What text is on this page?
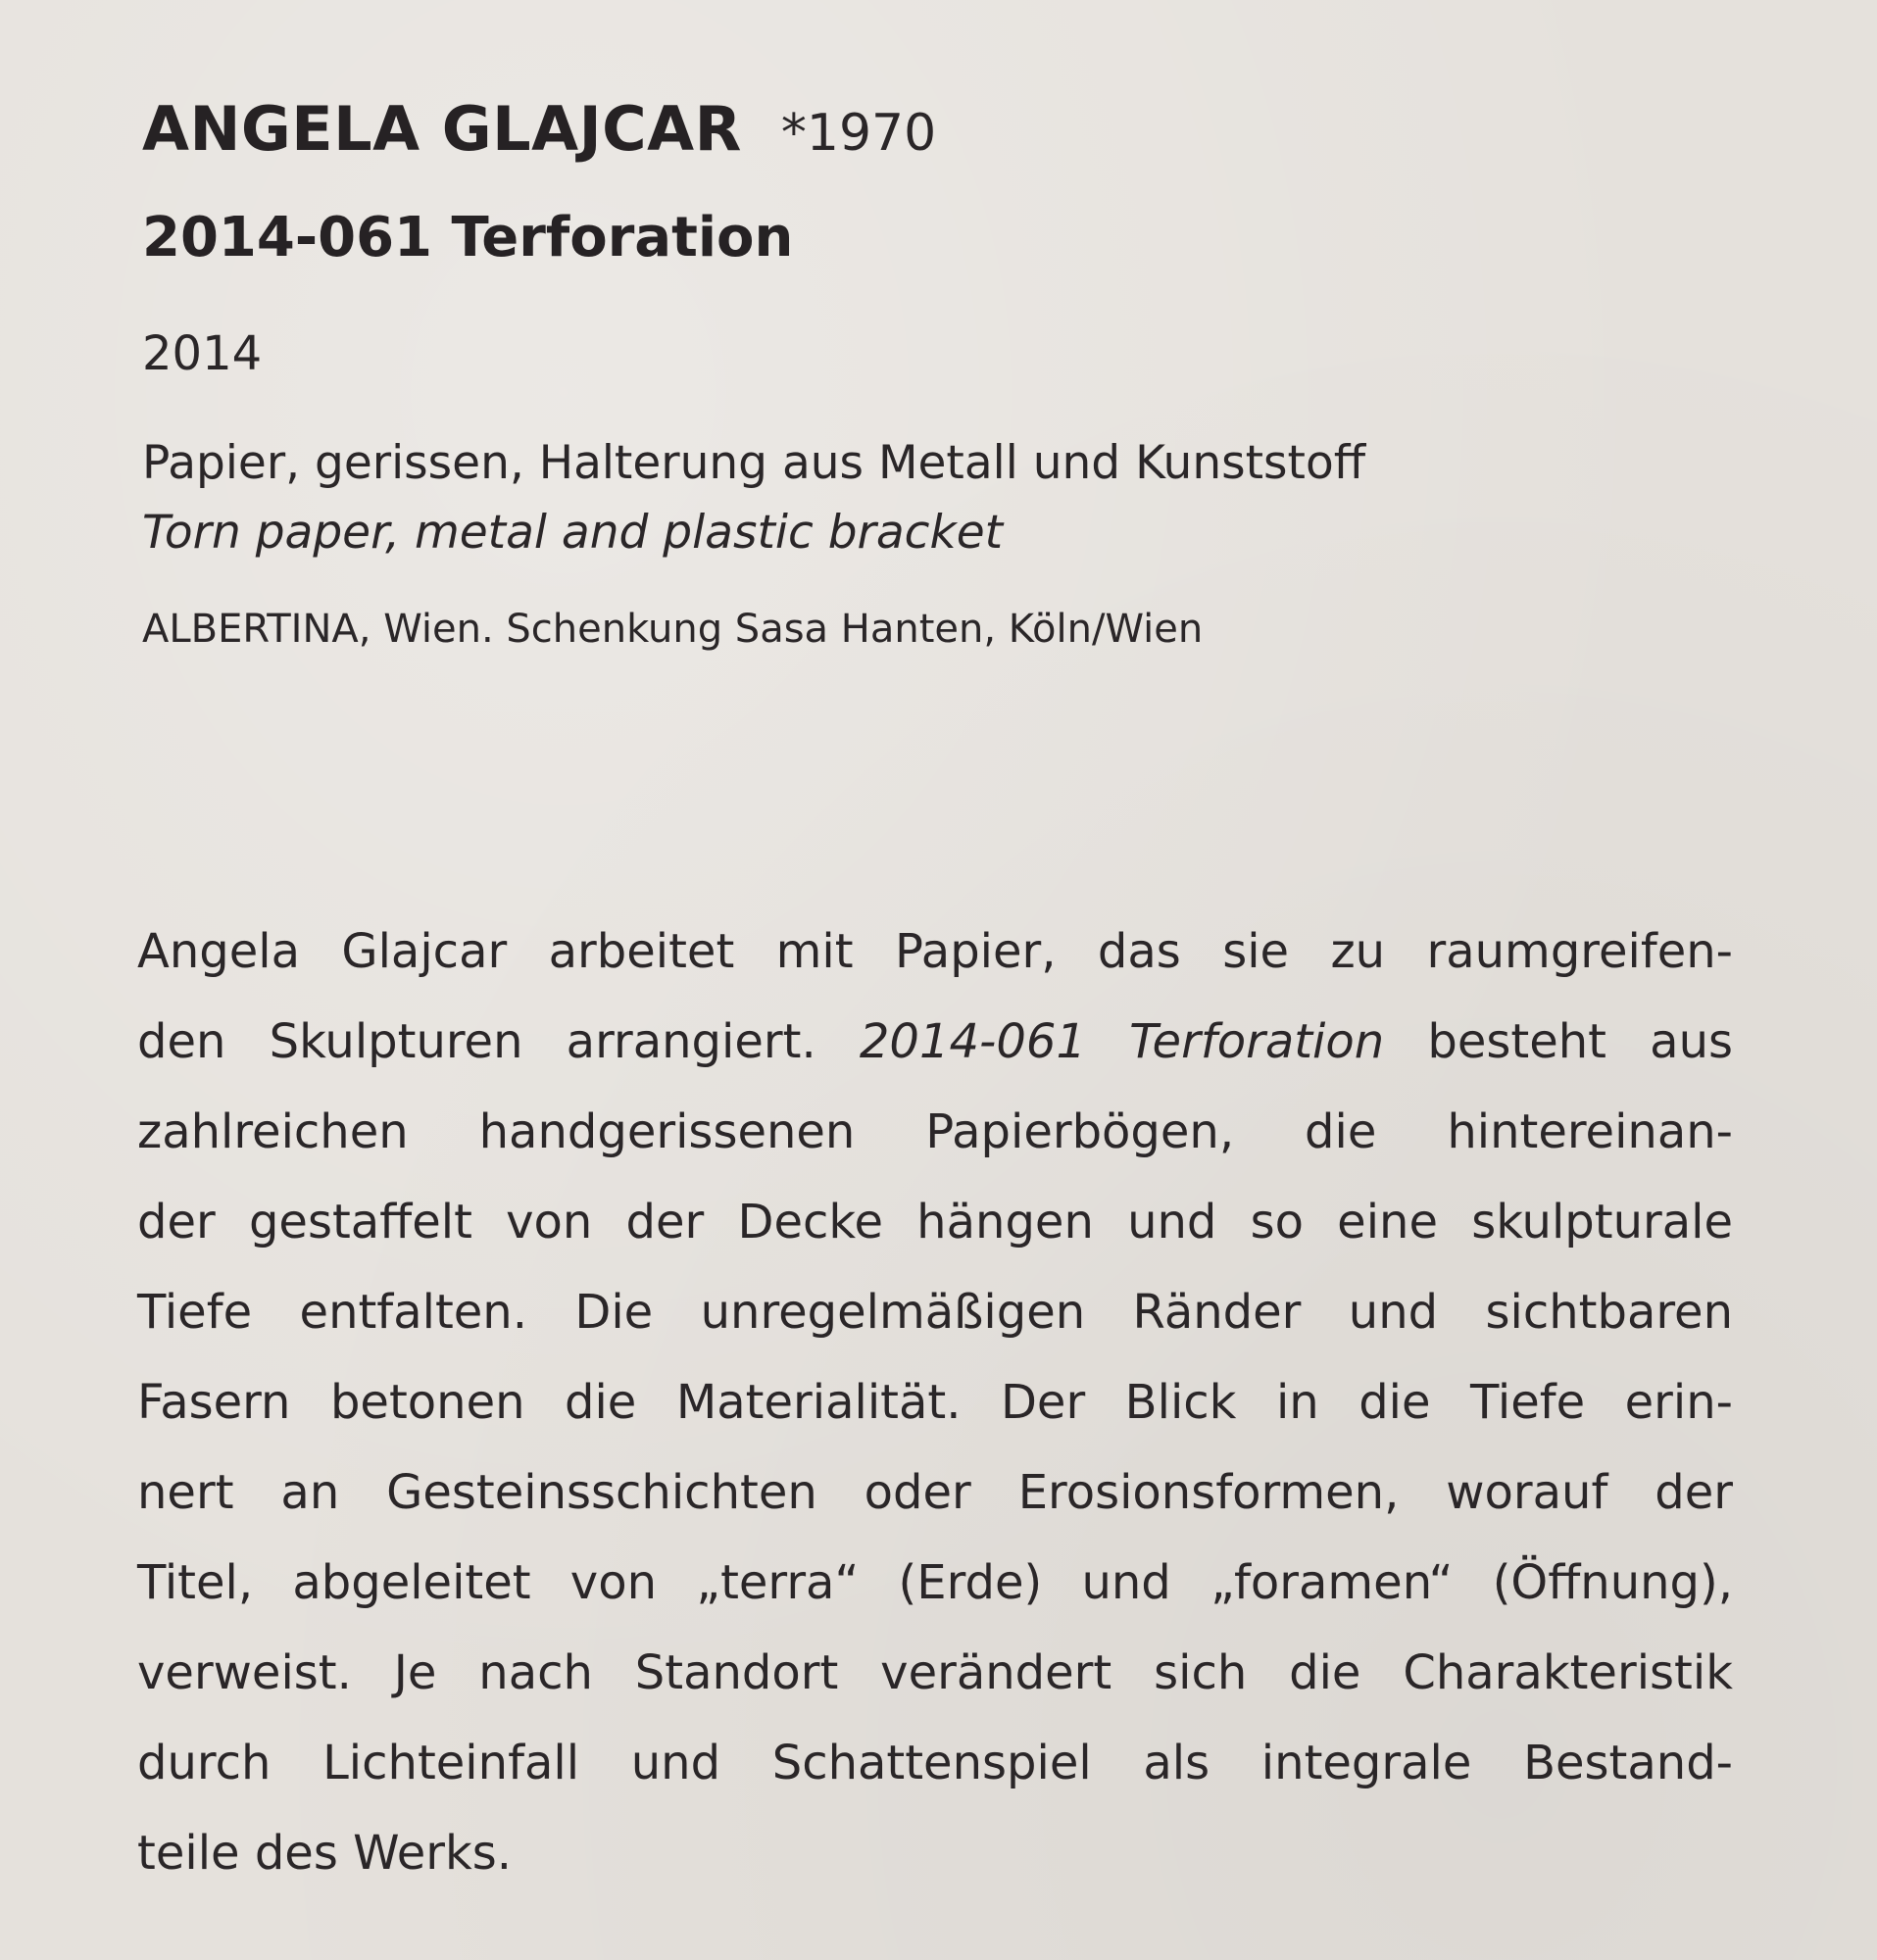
ANGELA GLAJCAR *1970
2014-061 Terforation
2014
Papier, gerissen, Halterung aus Metall und Kunststoff
Torn paper, metal and plastic bracket
ALBERTINA, Wien. Schenkung Sasa Hanten, Köln/Wien
Angela Glajcar arbeitet mit Papier, das sie zu raumgreifen-
den Skulpturen arrangiert. 2014-061 Terforation besteht aus
zahlreichen handgerissenen Papierbögen, die hintereinan-
der gestaffelt von der Decke hängen und so eine skulpturale
Tiefe entfalten. Die unregelmäßigen Ränder und sichtbaren
Fasern betonen die Materialität. Der Blick in die Tiefe erin-
nert an Gesteinsschichten oder Erosionsformen, worauf der
Titel, abgeleitet von „terra“ (Erde) und „foramen“ (Öffnung),
verweist. Je nach Standort verändert sich die Charakteristik
durch Lichteinfall und Schattenspiel als integrale Bestand-
teile des Werks.
